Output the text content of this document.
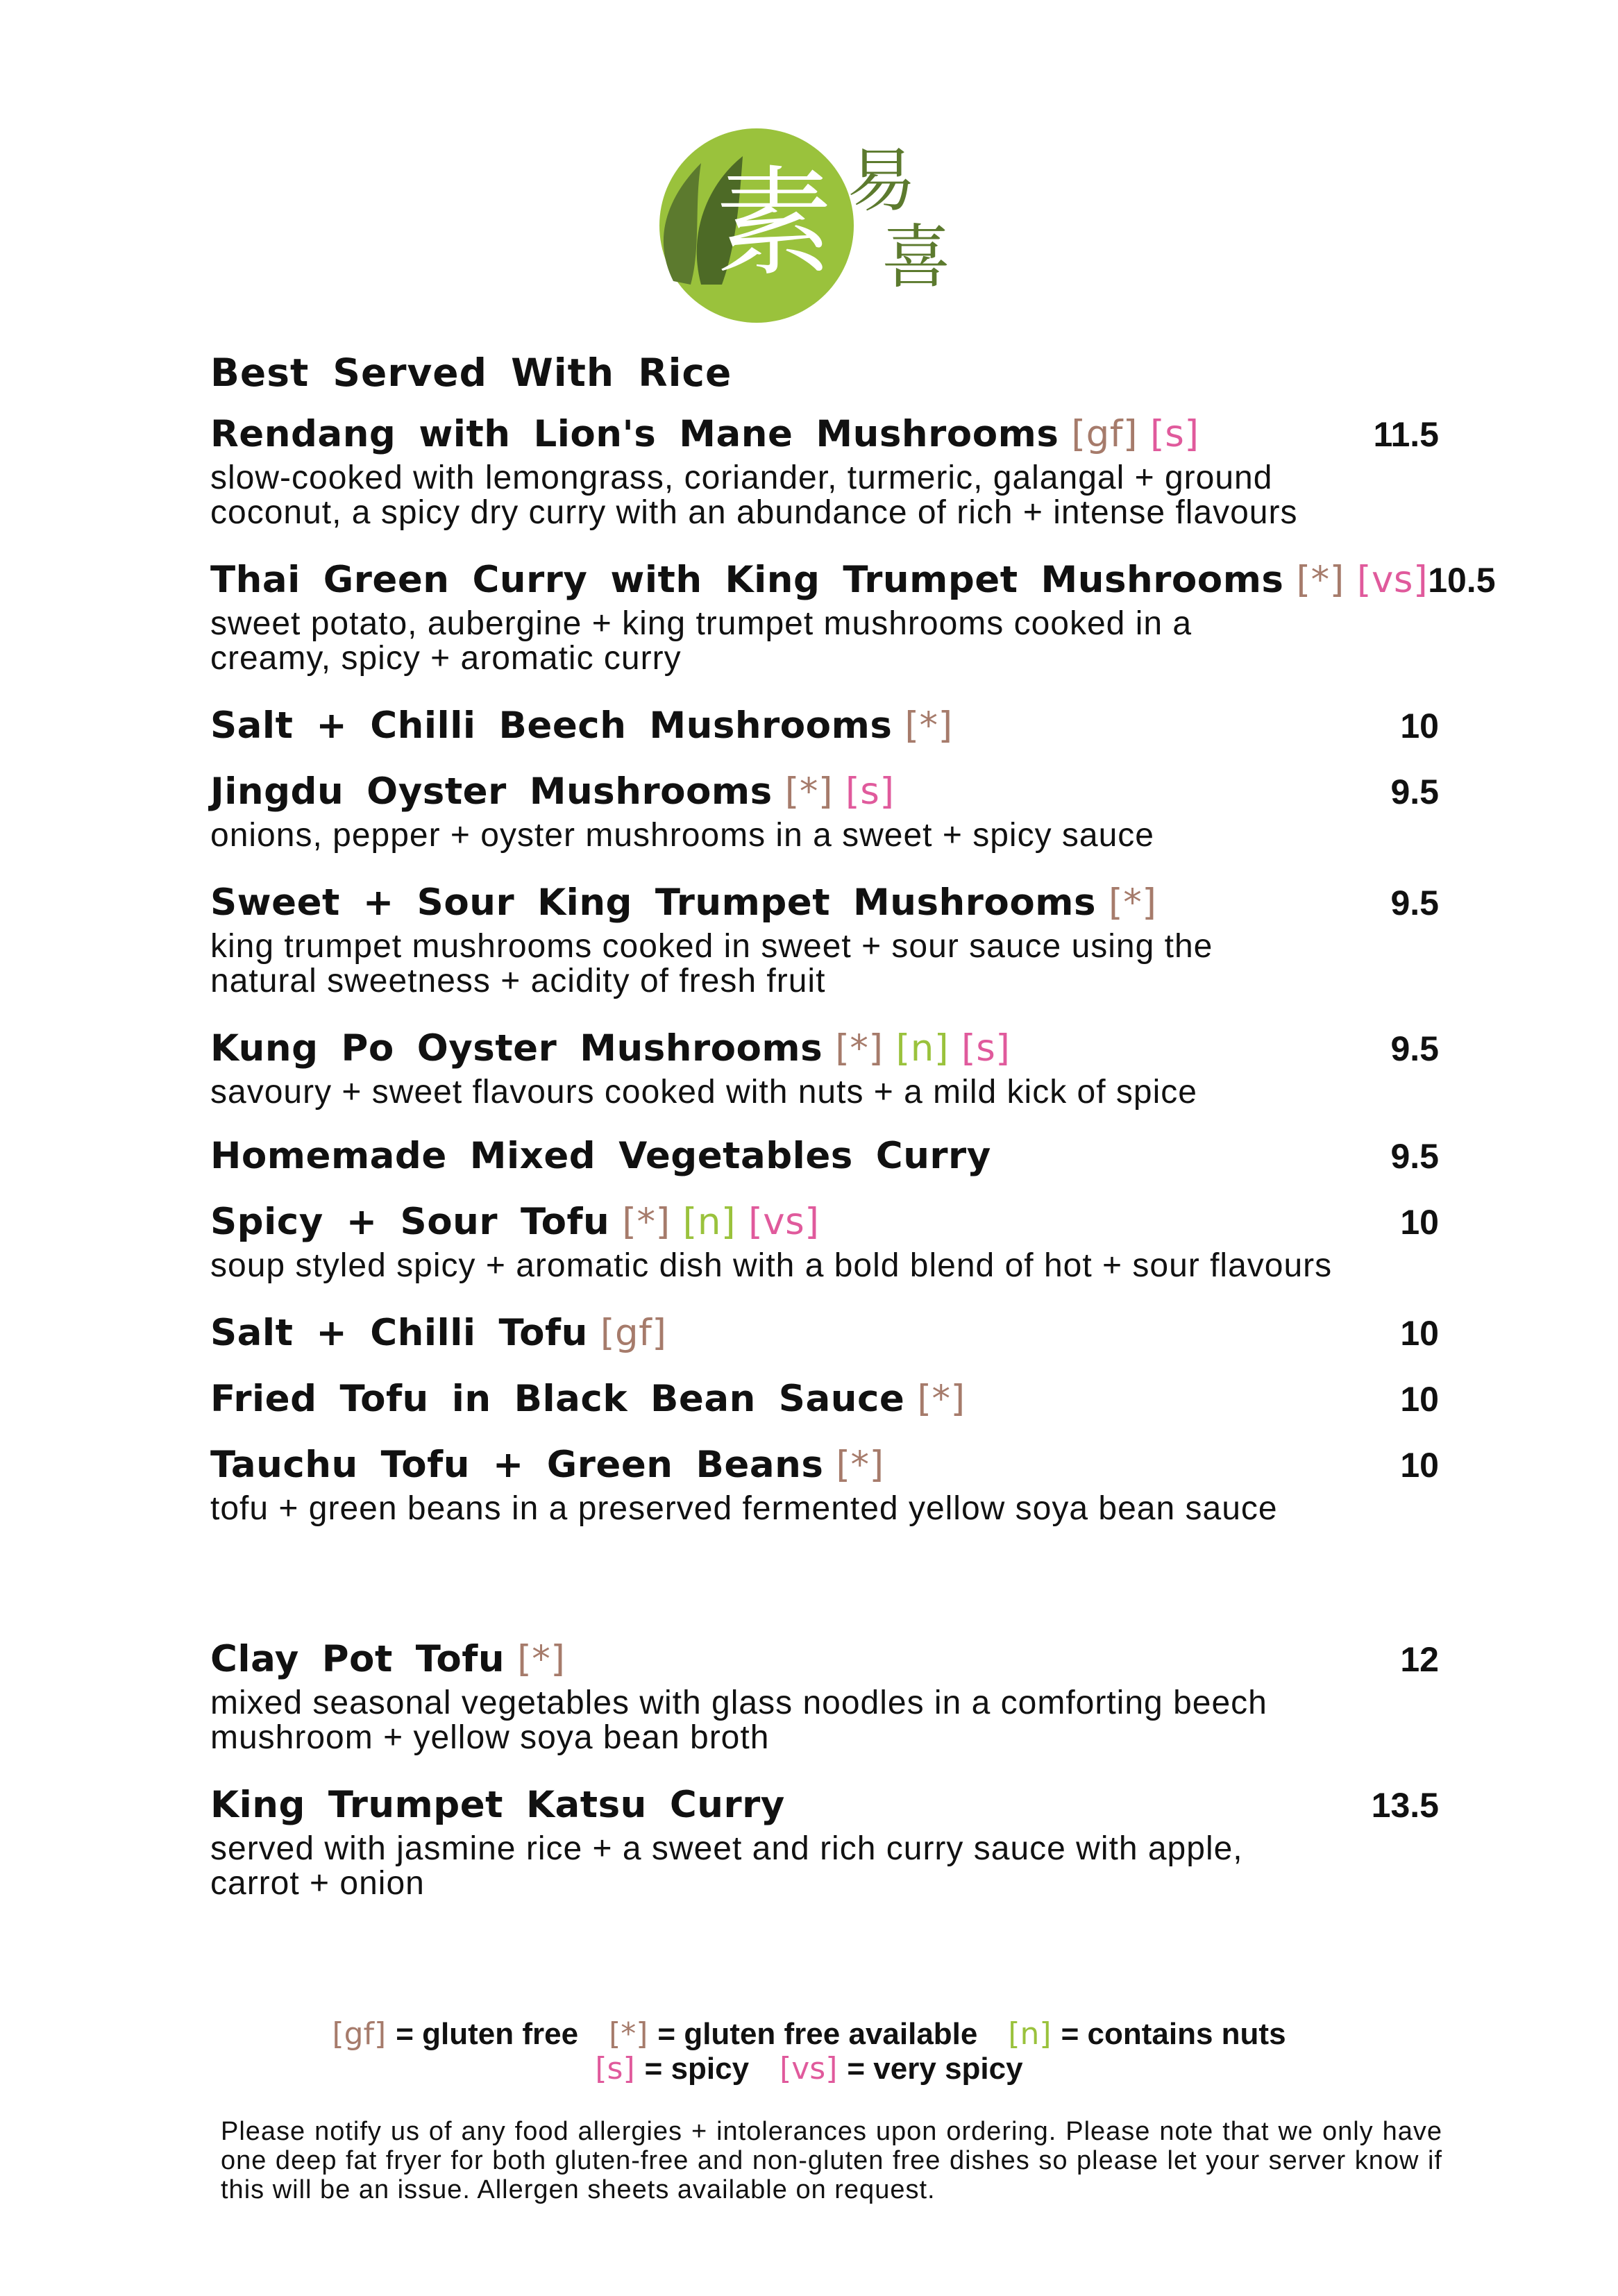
素 易
喜
Best Served With Rice
Rendang with Lion's Mane Mushrooms [gf] [s]	11.5
slow-cooked with lemongrass, coriander, turmeric, galangal + ground
coconut, a spicy dry curry with an abundance of rich + intense flavours
Thai Green Curry with King Trumpet Mushrooms [*] [vs] 10.5
sweet potato, aubergine + king trumpet mushrooms cooked in a
creamy, spicy + aromatic curry
Salt + Chilli Beech Mushrooms [*]	10
Jingdu Oyster Mushrooms [*] [s]	9.5
onions, pepper + oyster mushrooms in a sweet + spicy sauce
Sweet + Sour King Trumpet Mushrooms [*]	9.5
king trumpet mushrooms cooked in sweet + sour sauce using the
natural sweetness + acidity of fresh fruit
Kung Po Oyster Mushrooms [*] [n] [s]	9.5
savoury + sweet flavours cooked with nuts + a mild kick of spice
Homemade Mixed Vegetables Curry	9.5
Spicy + Sour Tofu [*] [n] [vs]	10
soup styled spicy + aromatic dish with a bold blend of hot + sour flavours
Salt + Chilli Tofu [gf]	10
Fried Tofu in Black Bean Sauce [*]	10
Tauchu Tofu + Green Beans [*]	10
tofu + green beans in a preserved fermented yellow soya bean sauce
Clay Pot Tofu [*]	12
mixed seasonal vegetables with glass noodles in a comforting beech
mushroom + yellow soya bean broth
King Trumpet Katsu Curry	13.5
served with jasmine rice + a sweet and rich curry sauce with apple,
carrot + onion
[gf] = gluten free [*] = gluten free available [n] = contains nuts
[s] = spicy [vs] = very spicy
Please notify us of any food allergies + intolerances upon ordering. Please note that we only have one deep fat fryer for both gluten-free and non-gluten free dishes so please let your server know if this will be an issue. Allergen sheets available on request.
